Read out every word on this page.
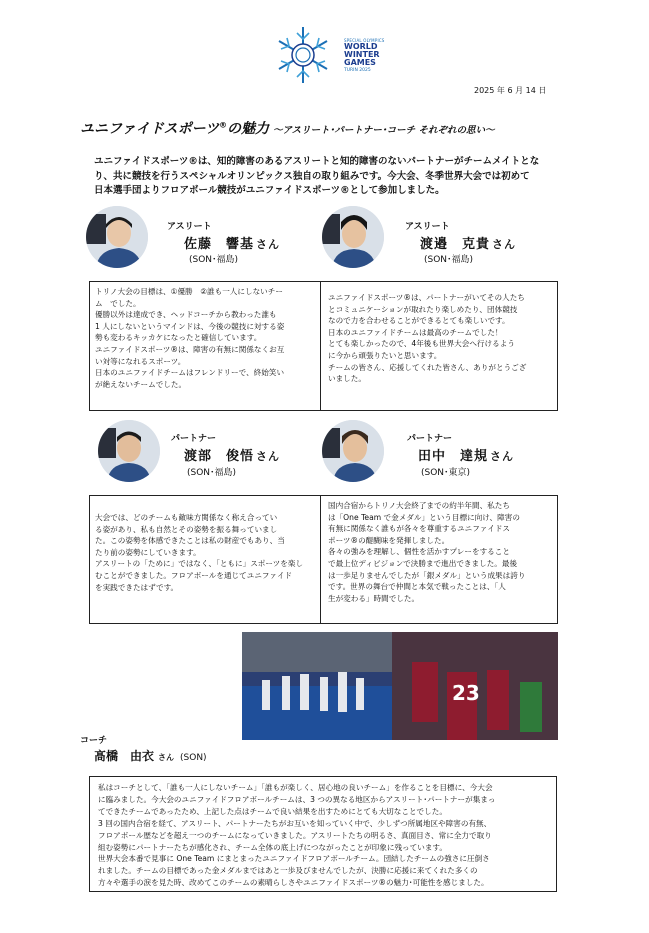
SPECIAL OLYMPICS
WORLD
WINTER
GAMES
TURIN 2025
2025 年 6 月 14 日
ユニファイドスポーツ®の魅力 ～アスリート･パートナー･コーチ それぞれの思い～
ユニファイドスポーツ®は、知的障害のあるアスリートと知的障害のないパートナーがチームメイトとな
り、共に競技を行うスペシャルオリンピックス独自の取り組みです。今大会、冬季世界大会では初めて
日本選手団よりフロアボール競技がユニファイドスポーツ®として参加しました。
アスリート
佐藤　響基 さん
(SON･福島)
アスリート
渡邉　克貴 さん
(SON･福島)

トリノ大会の目標は、①優勝　②誰も一人にしないチー

ム　でした。

優勝以外は達成でき、ヘッドコーチから教わった誰も

1 人にしないというマインドは、今後の競技に対する姿

勢も変わるキッカケになったと確信しています。

ユニファイドスポーツ®は、障害の有無に関係なくお互

い対等になれるスポーツ。

日本のユニファイドチームはフレンドリーで、終始笑い

が絶えないチームでした。

ユニファイドスポーツ®は、パートナーがいてその人たち

とコミュニケーションが取れたり楽しめたり、団体競技

なので力を合わせることができるとても楽しいです。

日本のユニファイドチームは最高のチームでした！

とても楽しかったので、4年後も世界大会へ行けるよう

に今から頑張りたいと思います。

チームの皆さん、応援してくれた皆さん、ありがとうござ

いました。

パートナー
渡部　俊悟 さん
(SON･福島)
パートナー
田中　達規 さん
(SON･東京)

大会では、どのチームも敵味方関係なく称え合ってい

る姿があり、私も自然とその姿勢を振る舞っていまし

た。この姿勢を体感できたことは私の財産でもあり、当

たり前の姿勢にしていきます。

アスリートの「ために」ではなく、「ともに」スポーツを楽し

むことができました。フロアボールを通じてユニファイド

を実践できたはずです。

国内合宿からトリノ大会終了までの約半年間、私たち

は「One Team で金メダル」という目標に向け、障害の

有無に関係なく誰もが各々を尊重するユニファイドス

ポーツ®の醍醐味を発揮しました。

各々の強みを理解し、個性を活かすプレーをすること

で最上位ディビジョンで決勝まで進出できました。最後

は一歩足りませんでしたが「銀メダル」という成果は誇り

です。世界の舞台で仲間と本気で戦ったことは、「人

生が変わる」時間でした。

23
コーチ
髙橋　由衣 さん (SON)

私はコーチとして、「誰も一人にしないチーム」「誰もが楽しく、居心地の良いチーム」を作ることを目標に、今大会

に臨みました。今大会のユニファイドフロアボールチームは、3 つの異なる地区からアスリート･パートナーが集まっ

てできたチームであったため、上記した点はチームで良い結果を出すためにとても大切なことでした。

3 回の国内合宿を経て、アスリート、パートナーたちがお互いを知っていく中で、少しずつ所属地区や障害の有無、

フロアボール歴などを超え一つのチームになっていきました。アスリートたちの明るさ、真面目さ、常に全力で取り

組む姿勢にパートナーたちが感化され、チーム全体の底上げにつながったことが印象に残っています。

世界大会本番で見事に One Team にまとまったユニファイドフロアボールチーム。団結したチームの強さに圧倒さ

れました。チームの目標であった金メダルまではあと一歩及びませんでしたが、決勝に応援に来てくれた多くの

方々や選手の涙を見た時、改めてこのチームの素晴らしさやユニファイドスポーツ®の魅力･可能性を感じました。
